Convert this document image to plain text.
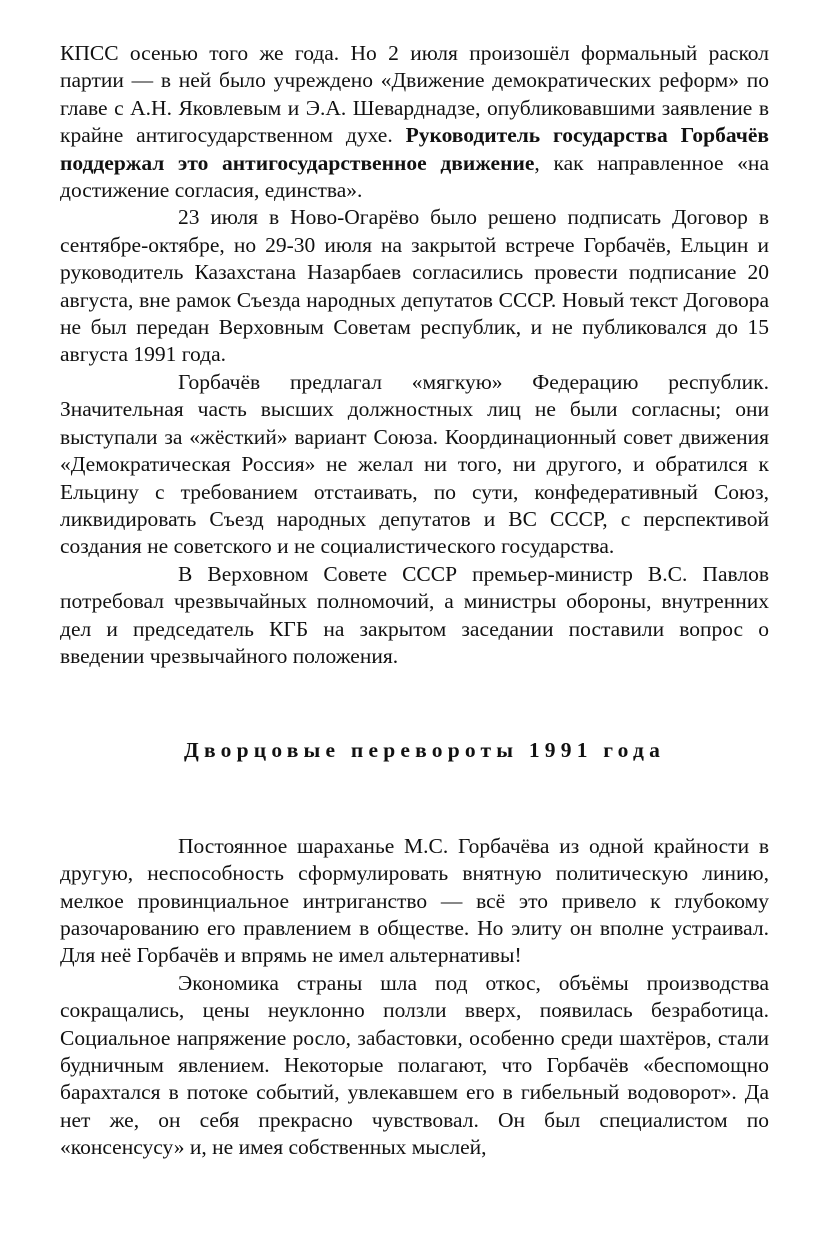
КПСС осенью того же года. Но 2 июля произошёл формальный раскол партии — в ней было учреждено «Движение демократических реформ» по главе с А.Н. Яковлевым и Э.А. Шеварднадзе, опубликовавшими заявление в крайне антигосударственном духе. Руководитель государства Горбачёв поддержал это антигосударственное движение, как направленное «на достижение согласия, единства».

23 июля в Ново-Огарёво было решено подписать Договор в сентябре-октябре, но 29-30 июля на закрытой встрече Горбачёв, Ельцин и руководитель Казахстана Назарбаев согласились провести подписание 20 августа, вне рамок Съезда народных депутатов СССР. Новый текст Договора не был передан Верховным Советам республик, и не публиковался до 15 августа 1991 года.

Горбачёв предлагал «мягкую» Федерацию республик. Значительная часть высших должностных лиц не были согласны; они выступали за «жёсткий» вариант Союза. Координационный совет движения «Демократическая Россия» не желал ни того, ни другого, и обратился к Ельцину с требованием отстаивать, по сути, конфедеративный Союз, ликвидировать Съезд народных депутатов и ВС СССР, с перспективой создания не советского и не социалистического государства.

В Верховном Совете СССР премьер-министр В.С. Павлов потребовал чрезвычайных полномочий, а министры обороны, внутренних дел и председатель КГБ на закрытом заседании поставили вопрос о введении чрезвычайного положения.

Дворцовые перевороты 1991 года

Постоянное шараханье М.С. Горбачёва из одной крайности в другую, неспособность сформулировать внятную политическую линию, мелкое провинциальное интриганство — всё это привело к глубокому разочарованию его правлением в обществе. Но элиту он вполне устраивал. Для неё Горбачёв и впрямь не имел альтернативы!

Экономика страны шла под откос, объёмы производства сокращались, цены неуклонно ползли вверх, появилась безработица. Социальное напряжение росло, забастовки, особенно среди шахтёров, стали будничным явлением. Некоторые полагают, что Горбачёв «беспомощно барахтался в потоке событий, увлекавшем его в гибельный водоворот». Да нет же, он себя прекрасно чувствовал. Он был специалистом по «консенсусу» и, не имея собственных мыслей,
